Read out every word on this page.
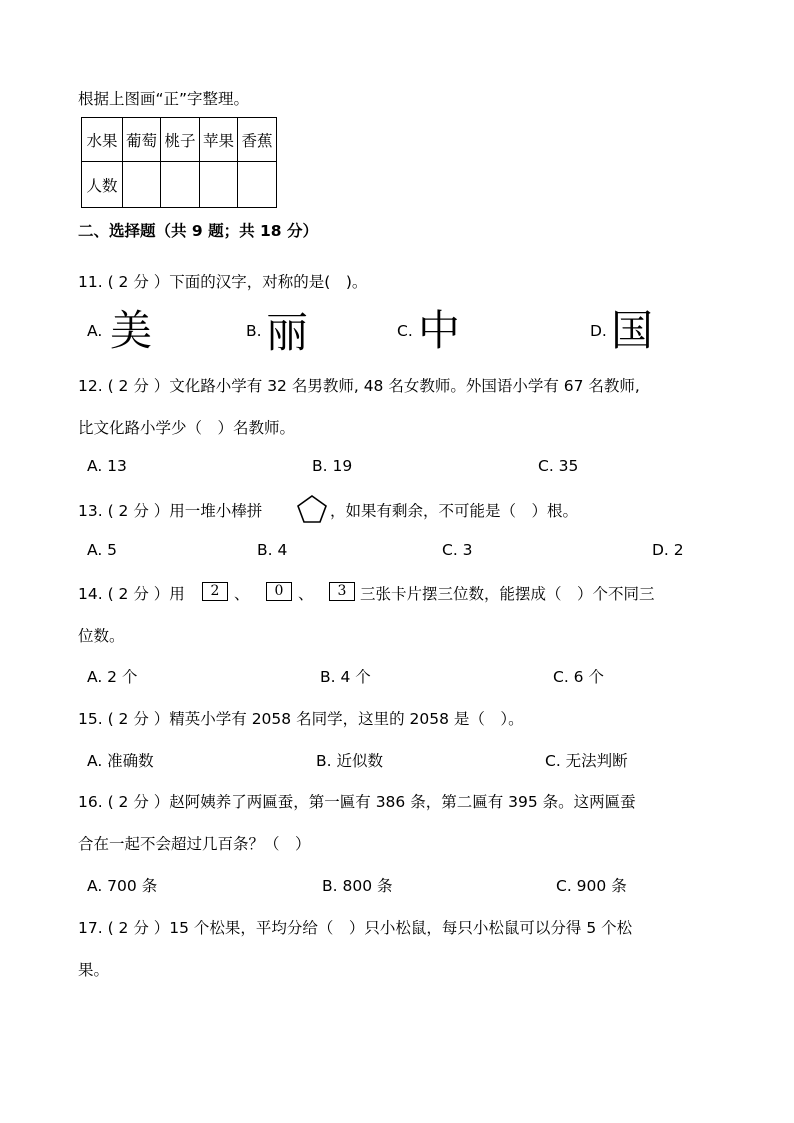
根据上图画“正”字整理。
水果	葡萄	桃子	苹果	香蕉
人数				
二、选择题（共 9 题；共 18 分）
11. ( 2 分 ）下面的汉字，对称的是(　)。
A. 美	B. 丽	C. 中	D. 国
12. ( 2 分 ）文化路小学有 32 名男教师, 48 名女教师。外国语小学有 67 名教师,
比文化路小学少（　）名教师。
A. 13	B. 19	C. 35
13. ( 2 分 ）用一堆小棒拼	，如果有剩余，不可能是（　）根。
A. 5	B. 4	C. 3	D. 2
14. ( 2 分 ）用	2 、	0 、	3 三张卡片摆三位数，能摆成（　）个不同三
位数。
A. 2 个	B. 4 个	C. 6 个
15. ( 2 分 ）精英小学有 2058 名同学，这里的 2058 是（　）。
A. 准确数	B. 近似数	C. 无法判断
16. ( 2 分 ）赵阿姨养了两匾蚕，第一匾有 386 条，第二匾有 395 条。这两匾蚕
合在一起不会超过几百条？（　）
A. 700 条	B. 800 条	C. 900 条
17. ( 2 分 ）15 个松果，平均分给（　）只小松鼠，每只小松鼠可以分得 5 个松
果。
